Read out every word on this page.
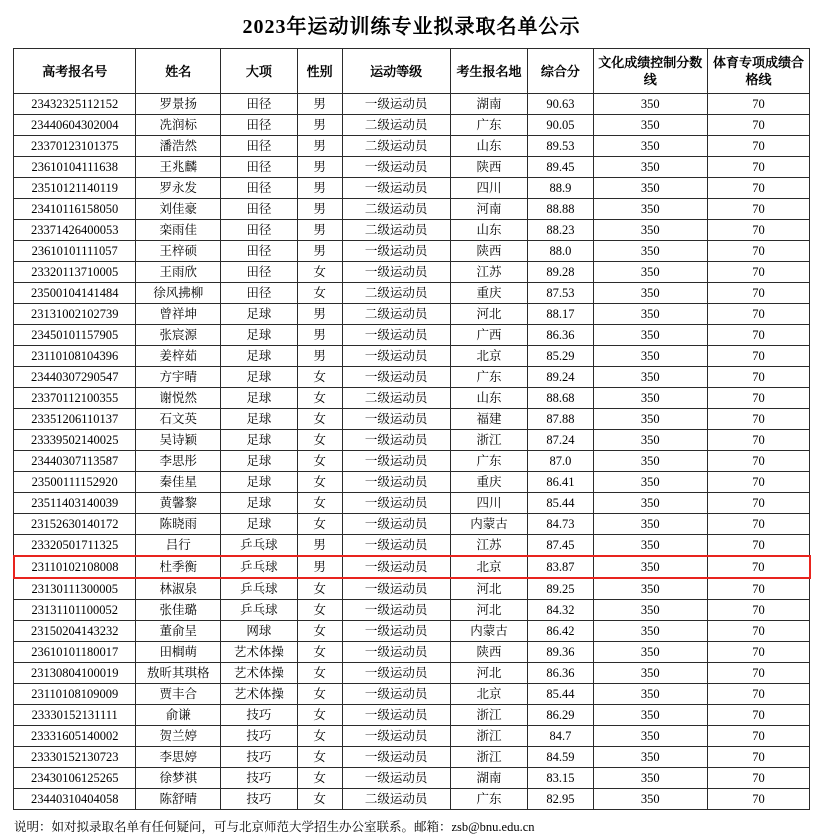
2023年运动训练专业拟录取名单公示
高考报名号	姓名	大项	性别	运动等级	考生报名地	综合分	文化成绩控制分数线	体育专项成绩合格线
23432325112152	罗景扬	田径	男	一级运动员	湖南	90.63	350	70
23440604302004	冼润标	田径	男	二级运动员	广东	90.05	350	70
23370123101375	潘浩然	田径	男	二级运动员	山东	89.53	350	70
23610104111638	王兆麟	田径	男	一级运动员	陕西	89.45	350	70
23510121140119	罗永发	田径	男	一级运动员	四川	88.9	350	70
23410116158050	刘佳豪	田径	男	二级运动员	河南	88.88	350	70
23371426400053	栾雨佳	田径	男	二级运动员	山东	88.23	350	70
23610101111057	王梓硕	田径	男	一级运动员	陕西	88.0	350	70
23320113710005	王雨欣	田径	女	一级运动员	江苏	89.28	350	70
23500104141484	徐风拂柳	田径	女	二级运动员	重庆	87.53	350	70
23131002102739	曾祥坤	足球	男	二级运动员	河北	88.17	350	70
23450101157905	张宸源	足球	男	一级运动员	广西	86.36	350	70
23110108104396	姜梓茹	足球	男	一级运动员	北京	85.29	350	70
23440307290547	方宇晴	足球	女	一级运动员	广东	89.24	350	70
23370112100355	谢悦然	足球	女	二级运动员	山东	88.68	350	70
23351206110137	石文英	足球	女	一级运动员	福建	87.88	350	70
23339502140025	吴诗颖	足球	女	一级运动员	浙江	87.24	350	70
23440307113587	李思彤	足球	女	一级运动员	广东	87.0	350	70
23500111152920	秦佳星	足球	女	一级运动员	重庆	86.41	350	70
23511403140039	黄馨黎	足球	女	一级运动员	四川	85.44	350	70
23152630140172	陈晓雨	足球	女	一级运动员	内蒙古	84.73	350	70
23320501711325	吕行	乒乓球	男	一级运动员	江苏	87.45	350	70
23110102108008	杜季衡	乒乓球	男	一级运动员	北京	83.87	350	70
23130111300005	林淑泉	乒乓球	女	一级运动员	河北	89.25	350	70
23131101100052	张佳璐	乒乓球	女	一级运动员	河北	84.32	350	70
23150204143232	董俞呈	网球	女	一级运动员	内蒙古	86.42	350	70
23610101180017	田榈萌	艺术体操	女	一级运动员	陕西	89.36	350	70
23130804100019	敖昕其琪格	艺术体操	女	一级运动员	河北	86.36	350	70
23110108109009	贾丰合	艺术体操	女	一级运动员	北京	85.44	350	70
23330152131111	俞谦	技巧	女	一级运动员	浙江	86.29	350	70
23331605140002	贺兰婷	技巧	女	一级运动员	浙江	84.7	350	70
23330152130723	李思婷	技巧	女	一级运动员	浙江	84.59	350	70
23430106125265	徐梦祺	技巧	女	一级运动员	湖南	83.15	350	70
23440310404058	陈舒晴	技巧	女	二级运动员	广东	82.95	350	70
说明：如对拟录取名单有任何疑问，可与北京师范大学招生办公室联系。邮箱：zsb@bnu.edu.cn
